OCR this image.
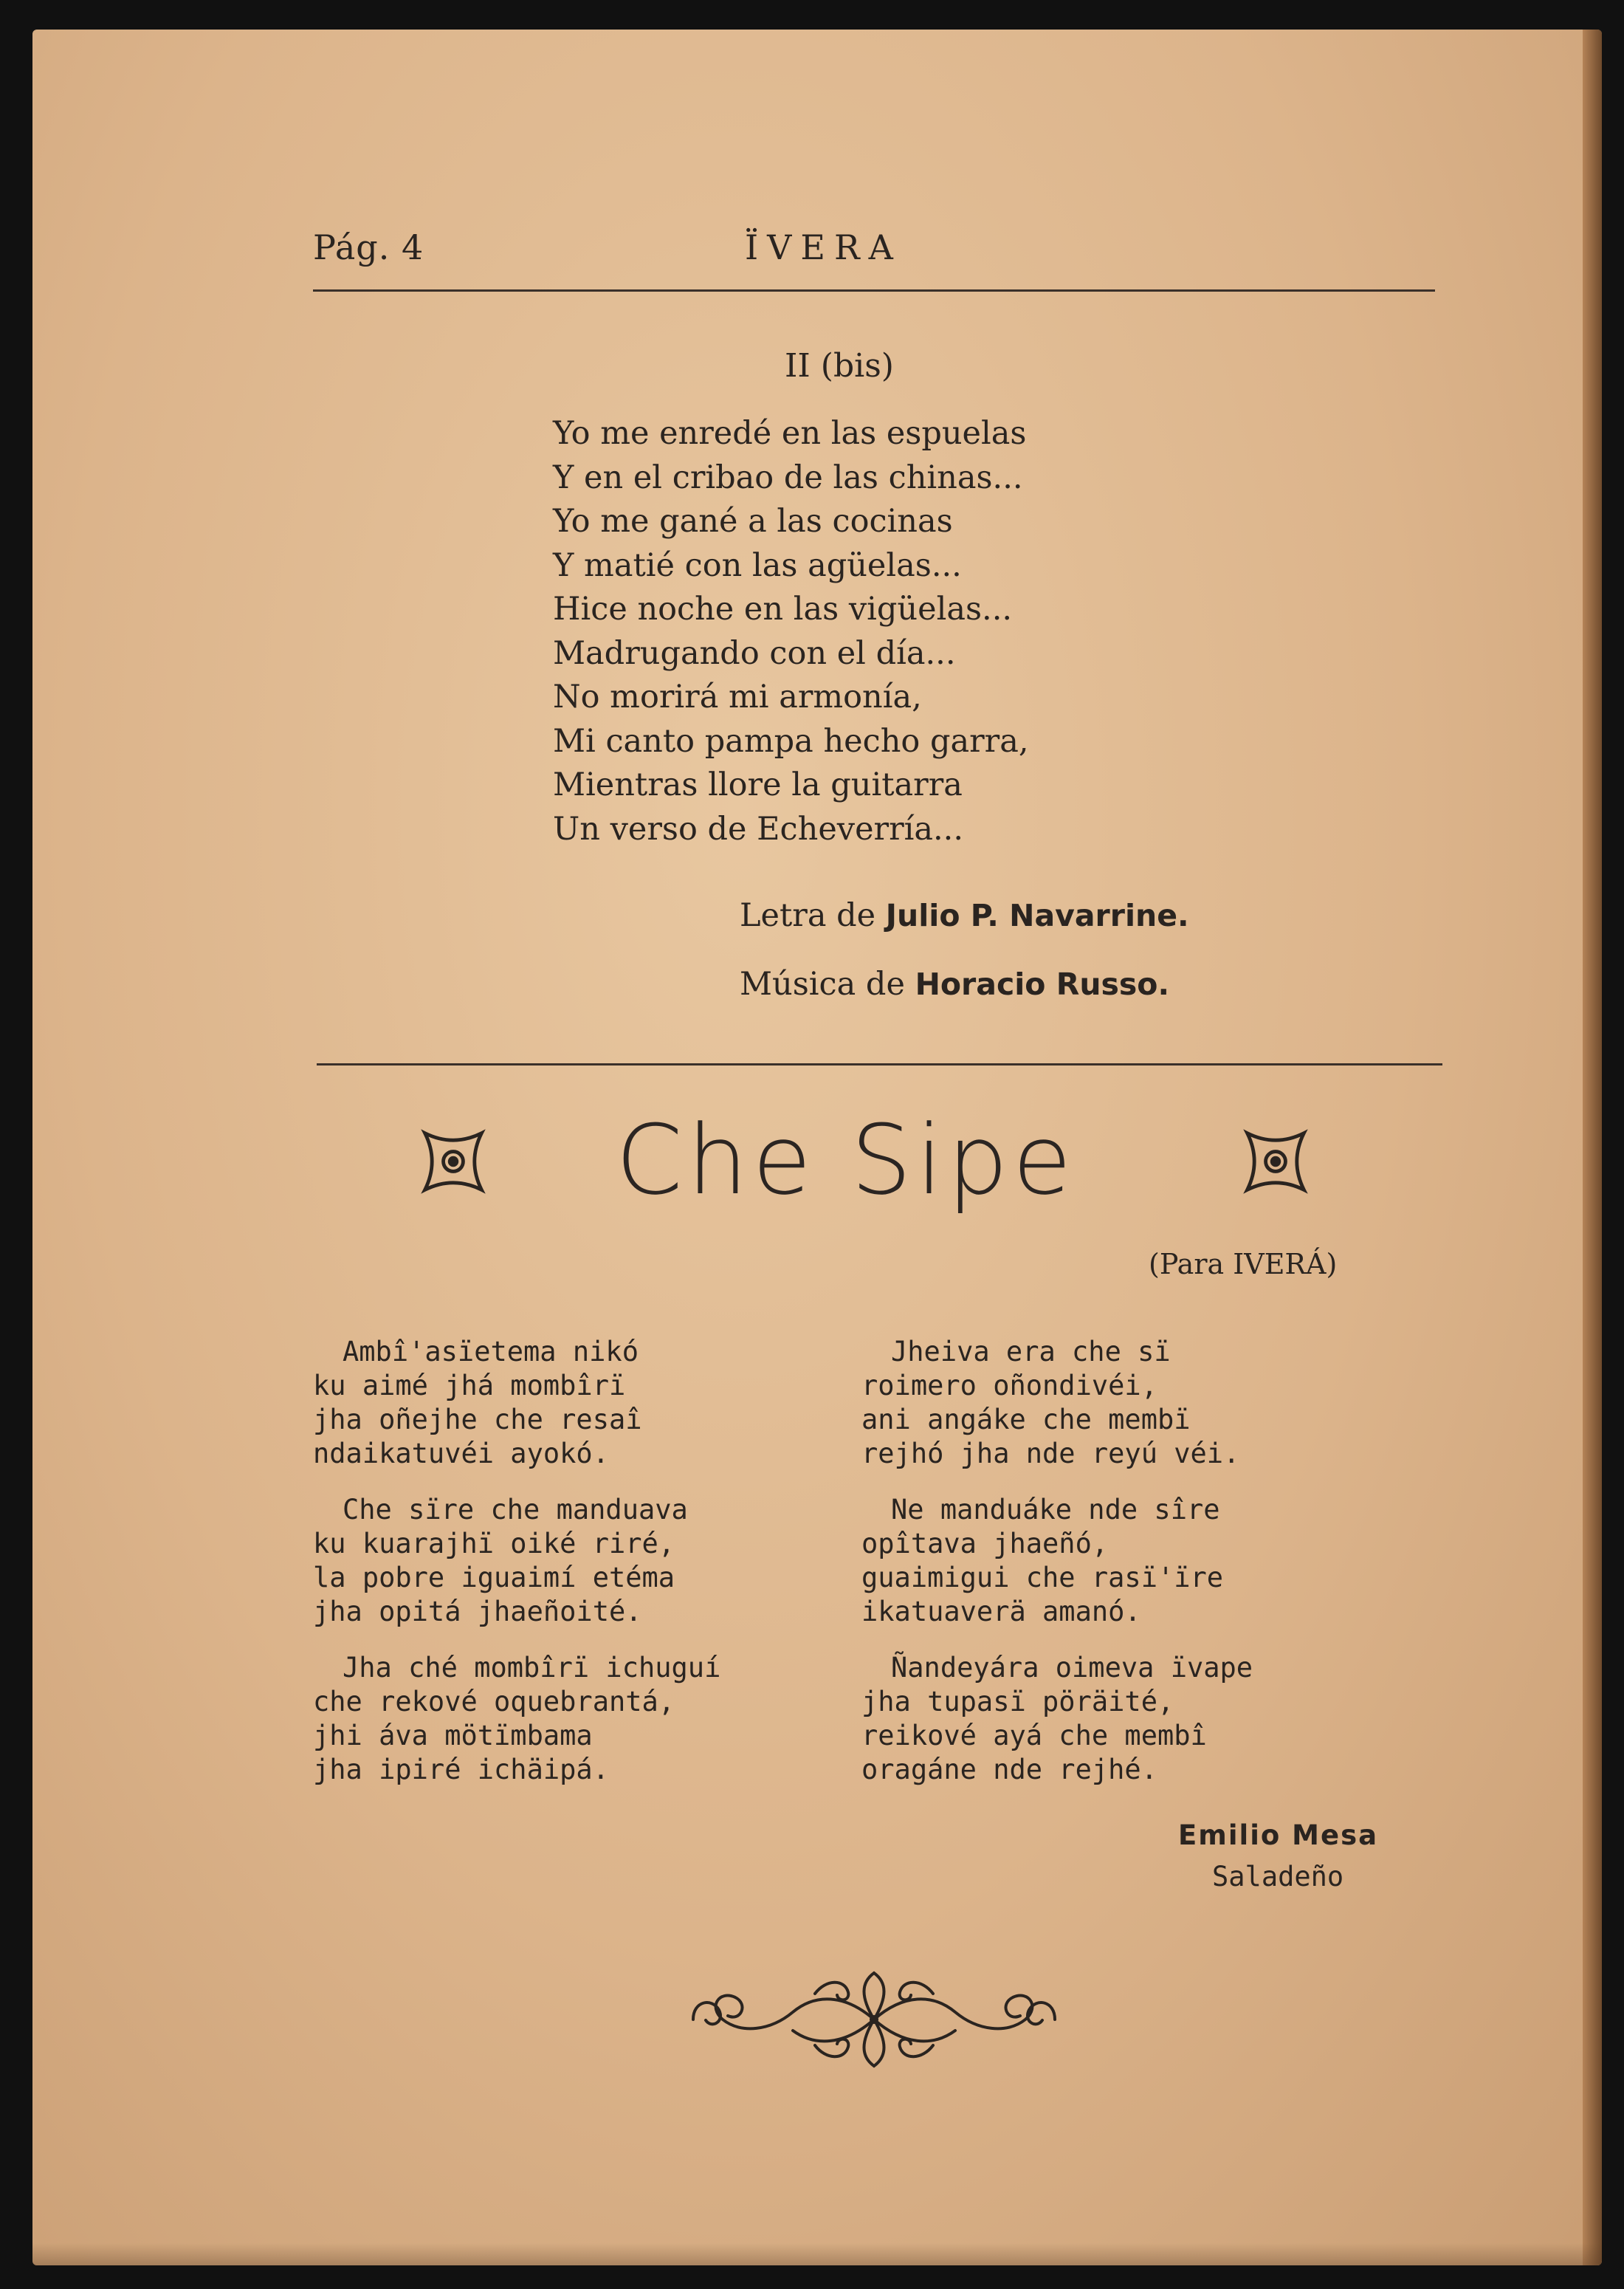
Pág. 4	ÏVERA
II (bis)
Yo me enredé en las espuelas
Y en el cribao de las chinas...
Yo me gané a las cocinas
Y matié con las agüelas...
Hice noche en las vigüelas...
Madrugando con el día...
No morirá mi armonía,
Mi canto pampa hecho garra,
Mientras llore la guitarra
Un verso de Echeverría...
Letra de Julio P. Navarrine.
Música de Horacio Russo.
Che Sipe
(Para IVERÁ)
Ambî'asïetema nikó
ku aimé jhá mombîrï
jha oñejhe che resaî
ndaikatuvéi ayokó.
Che sïre che manduava
ku kuarajhï oiké riré,
la pobre iguaimí etéma
jha opitá jhaeñoité.
Jha ché mombîrï ichuguí
che rekové oquebrantá,
jhi áva mötïmbama
jha ipiré ichäipá.
Jheiva era che sï
roimero oñondivéi,
ani angáke che membï
rejhó jha nde reyú véi.
Ne manduáke nde sîre
opîtava jhaeñó,
guaimigui che rasï'ïre
ikatuaverä amanó.
Ñandeyára oimeva ïvape
jha tupasï pöräité,
reikové ayá che membî
oragáne nde rejhé.
Emilio Mesa
Saladeño
